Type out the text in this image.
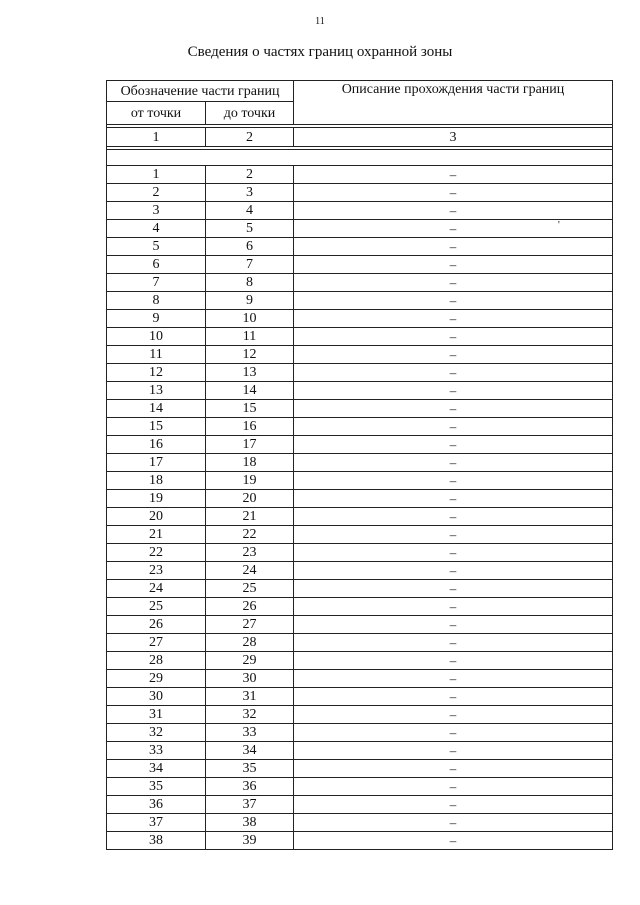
11
Сведения о частях границ охранной зоны
Обозначение части границ		Описание прохождения части границ
от точки	до точки	

1	2	3

1	2	–
2	3	–
3	4	–
4	5	–
5	6	–
6	7	–
7	8	–
8	9	–
9	10	–
10	11	–
11	12	–
12	13	–
13	14	–
14	15	–
15	16	–
16	17	–
17	18	–
18	19	–
19	20	–
20	21	–
21	22	–
22	23	–
23	24	–
24	25	–
25	26	–
26	27	–
27	28	–
28	29	–
29	30	–
30	31	–
31	32	–
32	33	–
33	34	–
34	35	–
35	36	–
36	37	–
37	38	–
38	39	–
'
